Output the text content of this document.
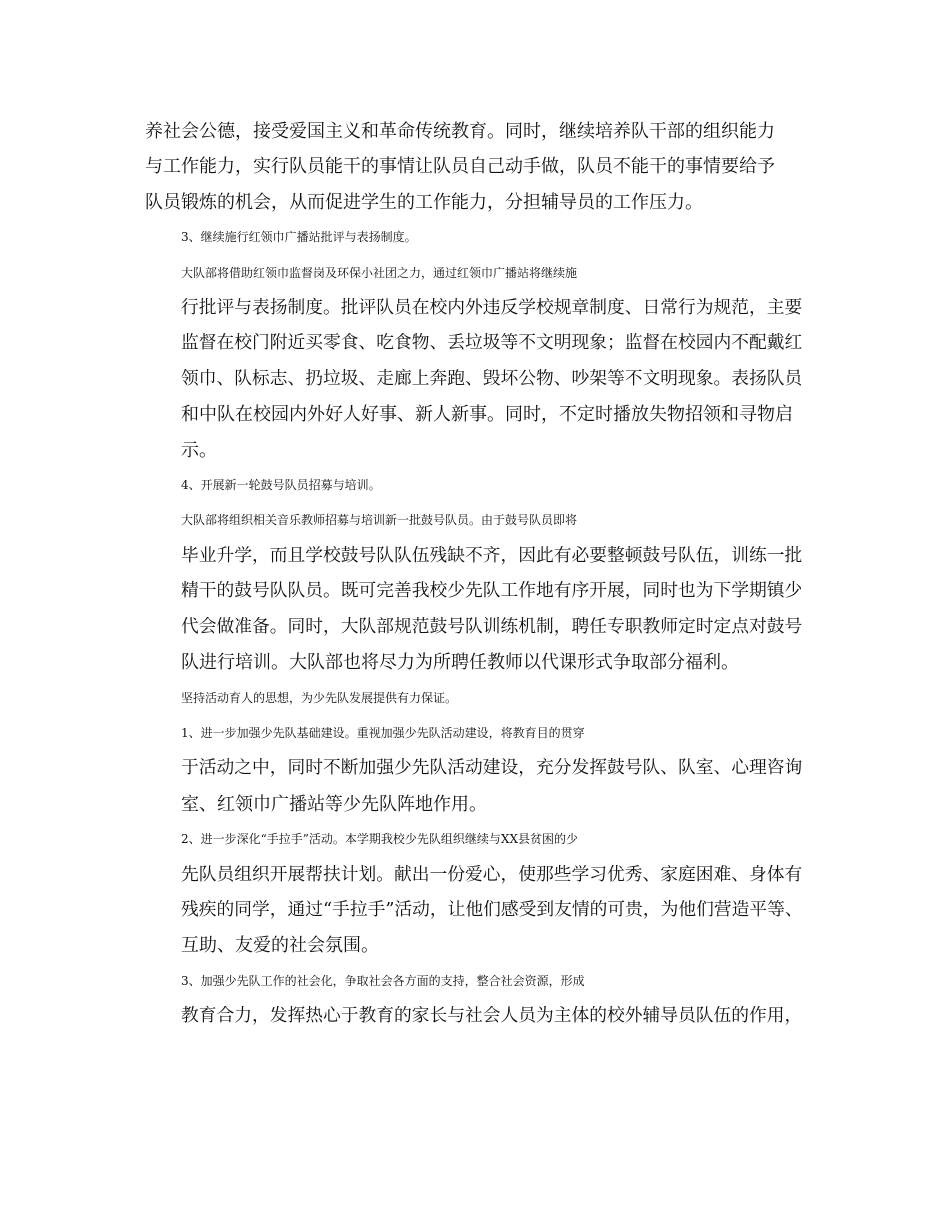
养社会公德，接受爱国主义和革命传统教育。同时，继续培养队干部的组织能力
与工作能力，实行队员能干的事情让队员自己动手做，队员不能干的事情要给予
队员锻炼的机会，从而促进学生的工作能力，分担辅导员的工作压力。

3、继续施行红领巾广播站批评与表扬制度。

大队部将借助红领巾监督岗及环保小社团之力，通过红领巾广播站将继续施
行批评与表扬制度。批评队员在校内外违反学校规章制度、日常行为规范，主要
监督在校门附近买零食、吃食物、丢垃圾等不文明现象；监督在校园内不配戴红
领巾、队标志、扔垃圾、走廊上奔跑、毁坏公物、吵架等不文明现象。表扬队员
和中队在校园内外好人好事、新人新事。同时，不定时播放失物招领和寻物启
示。

4、开展新一轮鼓号队员招募与培训。

大队部将组织相关音乐教师招募与培训新一批鼓号队员。由于鼓号队员即将
毕业升学，而且学校鼓号队队伍残缺不齐，因此有必要整顿鼓号队伍，训练一批
精干的鼓号队队员。既可完善我校少先队工作地有序开展，同时也为下学期镇少
代会做准备。同时，大队部规范鼓号队训练机制，聘任专职教师定时定点对鼓号
队进行培训。大队部也将尽力为所聘任教师以代课形式争取部分福利。

坚持活动育人的思想，为少先队发展提供有力保证。

1、进一步加强少先队基础建设。重视加强少先队活动建设，将教育目的贯穿
于活动之中，同时不断加强少先队活动建设，充分发挥鼓号队、队室、心理咨询
室、红领巾广播站等少先队阵地作用。

2、进一步深化“手拉手”活动。本学期我校少先队组织继续与XX县贫困的少
先队员组织开展帮扶计划。献出一份爱心，使那些学习优秀、家庭困难、身体有
残疾的同学，通过“手拉手”活动，让他们感受到友情的可贵，为他们营造平等、
互助、友爱的社会氛围。

3、加强少先队工作的社会化，争取社会各方面的支持，整合社会资源，形成
教育合力，发挥热心于教育的家长与社会人员为主体的校外辅导员队伍的作用，
